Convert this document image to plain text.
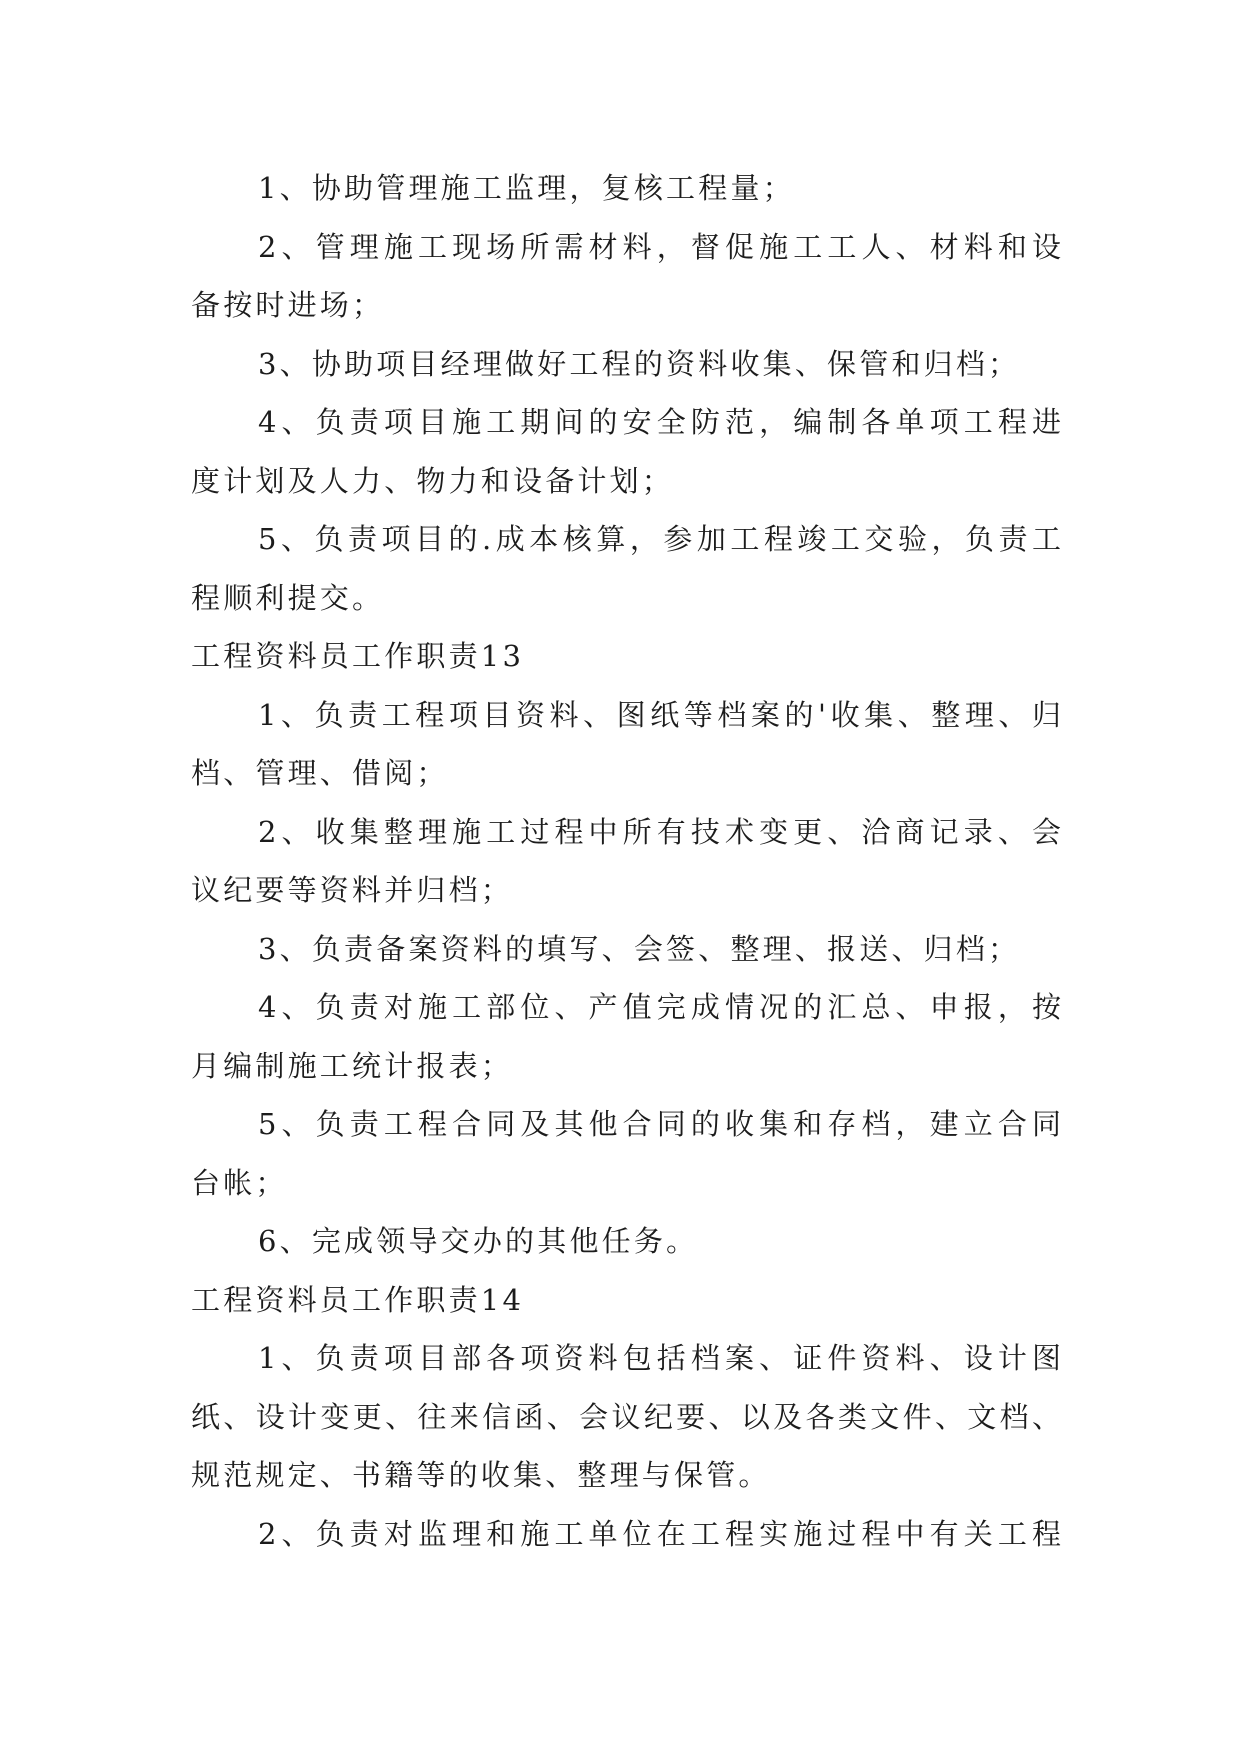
1、协助管理施工监理，复核工程量；
2、管理施工现场所需材料，督促施工工人、材料和设
备按时进场；
3、协助项目经理做好工程的资料收集、保管和归档；
4、负责项目施工期间的安全防范，编制各单项工程进
度计划及人力、物力和设备计划；
5、负责项目的.成本核算，参加工程竣工交验，负责工
程顺利提交。
工程资料员工作职责13
1、负责工程项目资料、图纸等档案的'收集、整理、归
档、管理、借阅；
2、收集整理施工过程中所有技术变更、洽商记录、会
议纪要等资料并归档；
3、负责备案资料的填写、会签、整理、报送、归档；
4、负责对施工部位、产值完成情况的汇总、申报，按
月编制施工统计报表；
5、负责工程合同及其他合同的收集和存档，建立合同
台帐；
6、完成领导交办的其他任务。
工程资料员工作职责14
1、负责项目部各项资料包括档案、证件资料、设计图
纸、设计变更、往来信函、会议纪要、以及各类文件、文档、
规范规定、书籍等的收集、整理与保管。
2、负责对监理和施工单位在工程实施过程中有关工程
